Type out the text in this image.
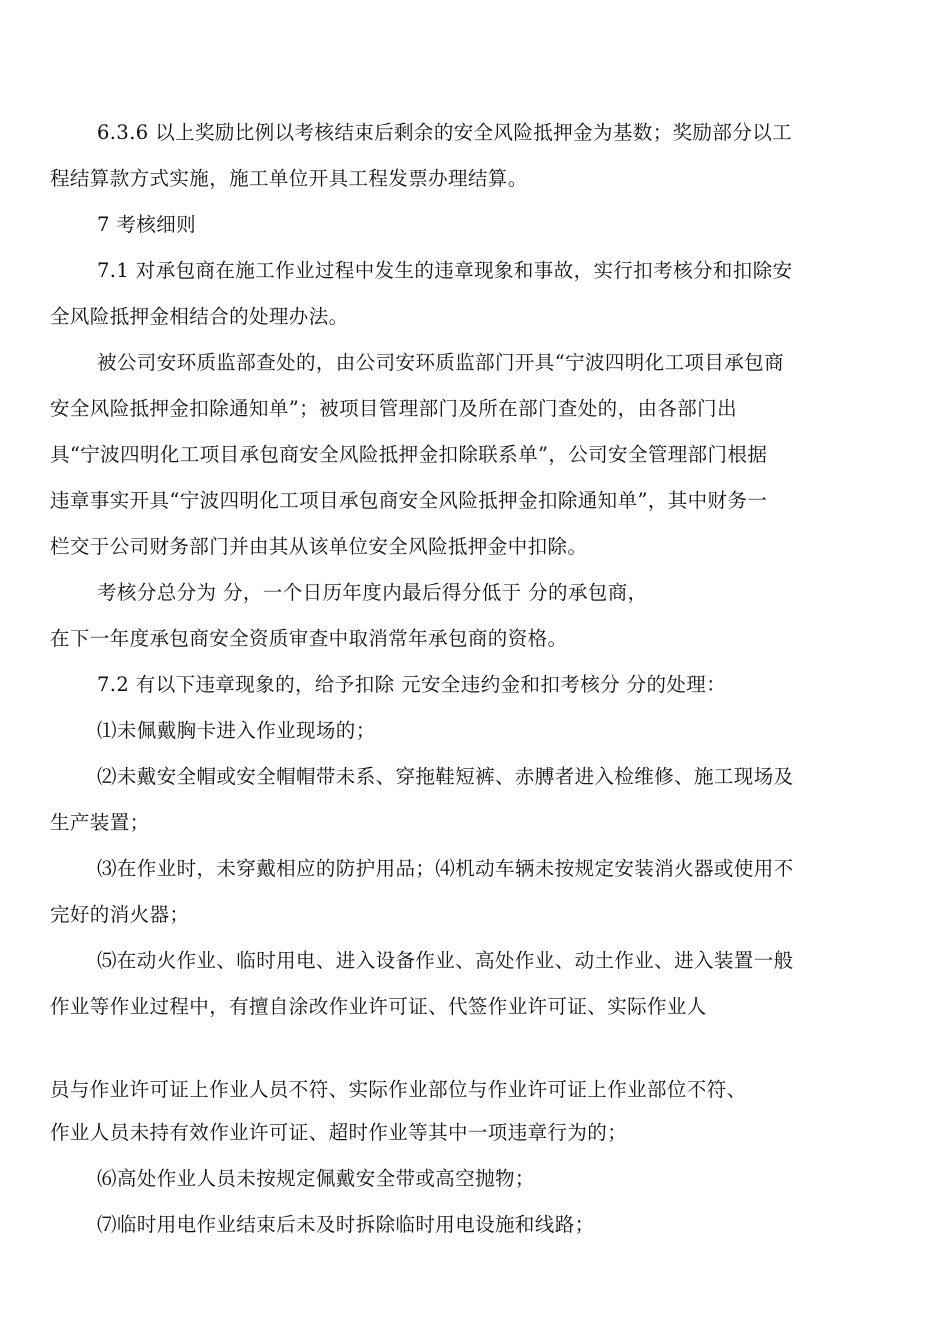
6.3.6 以上奖励比例以考核结束后剩余的安全风险抵押金为基数；奖励部分以工
程结算款方式实施，施工单位开具工程发票办理结算。
7 考核细则
7.1 对承包商在施工作业过程中发生的违章现象和事故，实行扣考核分和扣除安
全风险抵押金相结合的处理办法。
被公司安环质监部查处的，由公司安环质监部门开具“宁波四明化工项目承包商
安全风险抵押金扣除通知单”；被项目管理部门及所在部门查处的，由各部门出
具“宁波四明化工项目承包商安全风险抵押金扣除联系单”，公司安全管理部门根据
违章事实开具“宁波四明化工项目承包商安全风险抵押金扣除通知单”，其中财务一
栏交于公司财务部门并由其从该单位安全风险抵押金中扣除。
考核分总分为 分，一个日历年度内最后得分低于 分的承包商，
在下一年度承包商安全资质审查中取消常年承包商的资格。
7.2 有以下违章现象的，给予扣除 元安全违约金和扣考核分 分的处理：
⑴未佩戴胸卡进入作业现场的；
⑵未戴安全帽或安全帽帽带未系、穿拖鞋短裤、赤膊者进入检维修、施工现场及
生产装置；
⑶在作业时，未穿戴相应的防护用品；⑷机动车辆未按规定安装消火器或使用不
完好的消火器；
⑸在动火作业、临时用电、进入设备作业、高处作业、动土作业、进入装置一般
作业等作业过程中，有擅自涂改作业许可证、代签作业许可证、实际作业人
员与作业许可证上作业人员不符、实际作业部位与作业许可证上作业部位不符、
作业人员未持有效作业许可证、超时作业等其中一项违章行为的；
⑹高处作业人员未按规定佩戴安全带或高空抛物；
⑺临时用电作业结束后未及时拆除临时用电设施和线路；
